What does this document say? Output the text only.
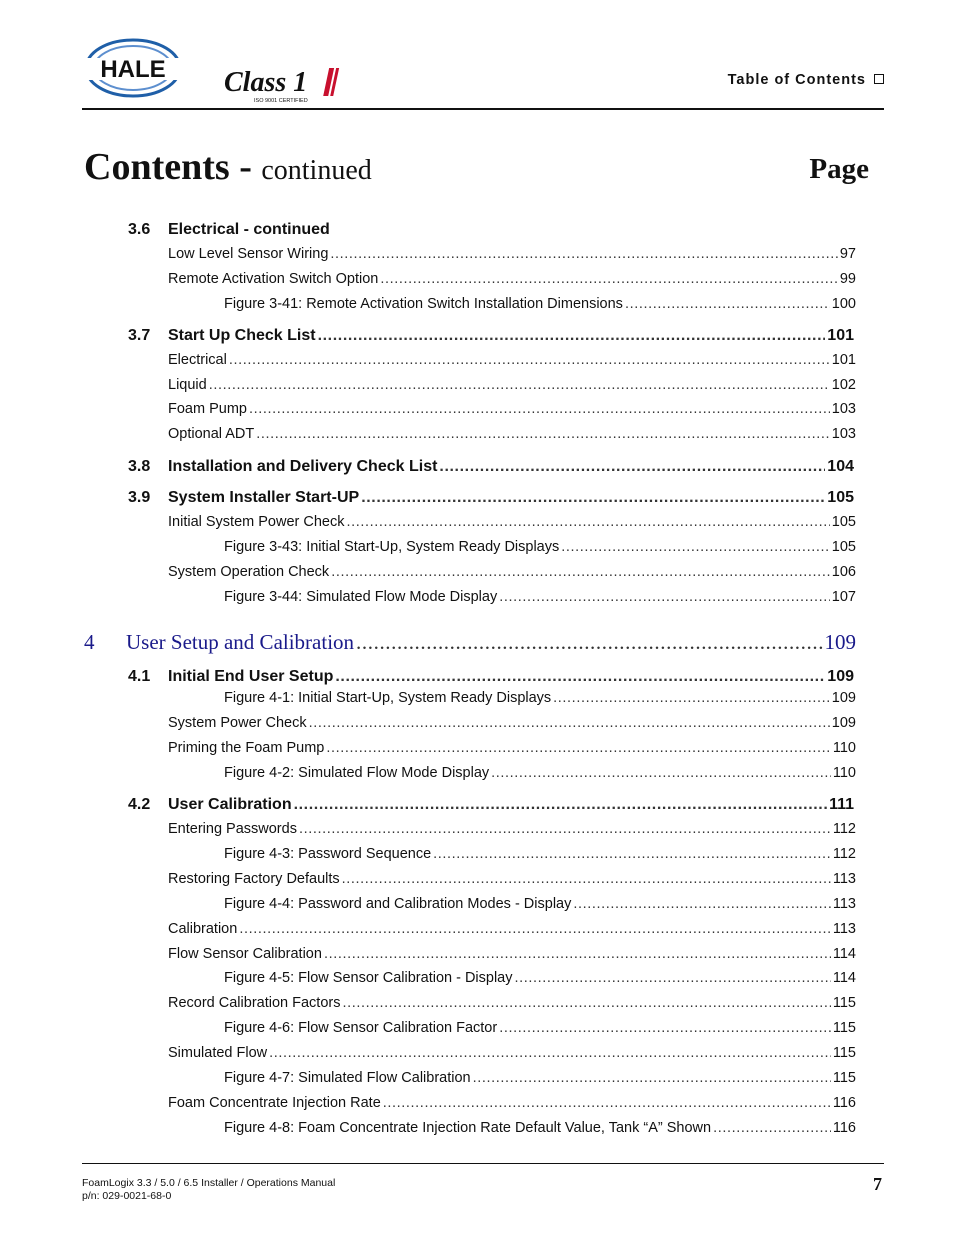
HALE Class 1
ISO 9001 CERTIFIED
Table of Contents
Contents - continued	Page
3.6 Electrical - continued
Low Level Sensor Wiring .....	97
Remote Activation Switch Option .....	99
Figure 3-41: Remote Activation Switch Installation Dimensions .....	100
3.7 Start Up Check List .....	101
Electrical .....	101
Liquid .....	102
Foam Pump .....	103
Optional ADT .....	103
3.8 Installation and Delivery Check List .....	104
3.9 System Installer Start-UP .....	105
Initial System Power Check .....	105
Figure 3-43: Initial Start-Up, System Ready Displays .....	105
System Operation Check .....	106
Figure 3-44: Simulated Flow Mode Display .....	107
4 User Setup and Calibration .....	109
4.1 Initial End User Setup .....	109
Figure 4-1: Initial Start-Up, System Ready Displays .....	109
System Power Check .....	109
Priming the Foam Pump .....	110
Figure 4-2: Simulated Flow Mode Display .....	110
4.2 User Calibration .....	111
Entering Passwords .....	112
Figure 4-3: Password Sequence .....	112
Restoring Factory Defaults .....	113
Figure 4-4: Password and Calibration Modes - Display .....	113
Calibration .....	113
Flow Sensor Calibration .....	114
Figure 4-5: Flow Sensor Calibration - Display .....	114
Record Calibration Factors .....	115
Figure 4-6: Flow Sensor Calibration Factor .....	115
Simulated Flow .....	115
Figure 4-7: Simulated Flow Calibration .....	115
Foam Concentrate Injection Rate .....	116
Figure 4-8: Foam Concentrate Injection Rate Default Value, Tank “A” Shown .....	116
FoamLogix 3.3 / 5.0 / 6.5 Installer / Operations Manual
p/n: 029-0021-68-0
7
